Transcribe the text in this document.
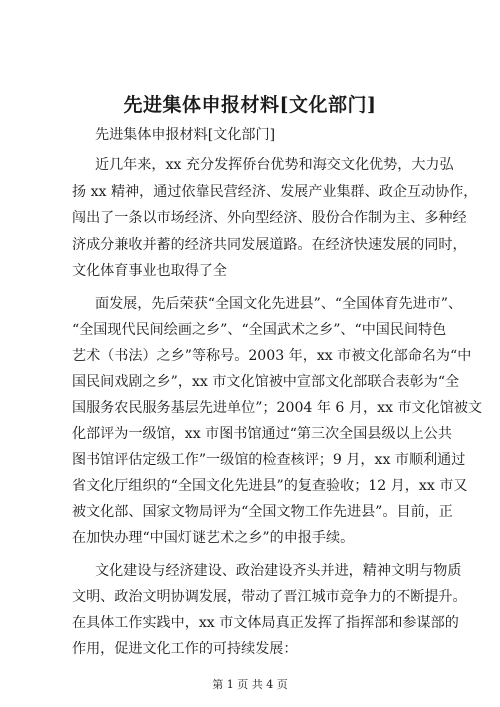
先进集体申报材料[文化部门]
先进集体申报材料[文化部门]
近几年来，xx 充分发挥侨台优势和海交文化优势，大力弘
扬 xx 精神，通过依靠民营经济、发展产业集群、政企互动协作，
闯出了一条以市场经济、外向型经济、股份合作制为主、多种经
济成分兼收并蓄的经济共同发展道路。在经济快速发展的同时，
文化体育事业也取得了全
面发展，先后荣获“全国文化先进县”、“全国体育先进市”、
“全国现代民间绘画之乡”、“全国武术之乡”、“中国民间特色
艺术（书法）之乡”等称号。2003 年，xx 市被文化部命名为“中
国民间戏剧之乡”，xx 市文化馆被中宣部文化部联合表彰为“全
国服务农民服务基层先进单位”；2004 年 6 月，xx 市文化馆被文
化部评为一级馆，xx 市图书馆通过“第三次全国县级以上公共
图书馆评估定级工作”一级馆的检查核评；9 月，xx 市顺利通过
省文化厅组织的“全国文化先进县”的复查验收；12 月，xx 市又
被文化部、国家文物局评为“全国文物工作先进县”。目前，正
在加快办理“中国灯谜艺术之乡”的申报手续。
文化建设与经济建设、政治建设齐头并进，精神文明与物质
文明、政治文明协调发展，带动了晋江城市竞争力的不断提升。
在具体工作实践中，xx 市文体局真正发挥了指挥部和参谋部的
作用，促进文化工作的可持续发展：
第 1 页 共 4 页
